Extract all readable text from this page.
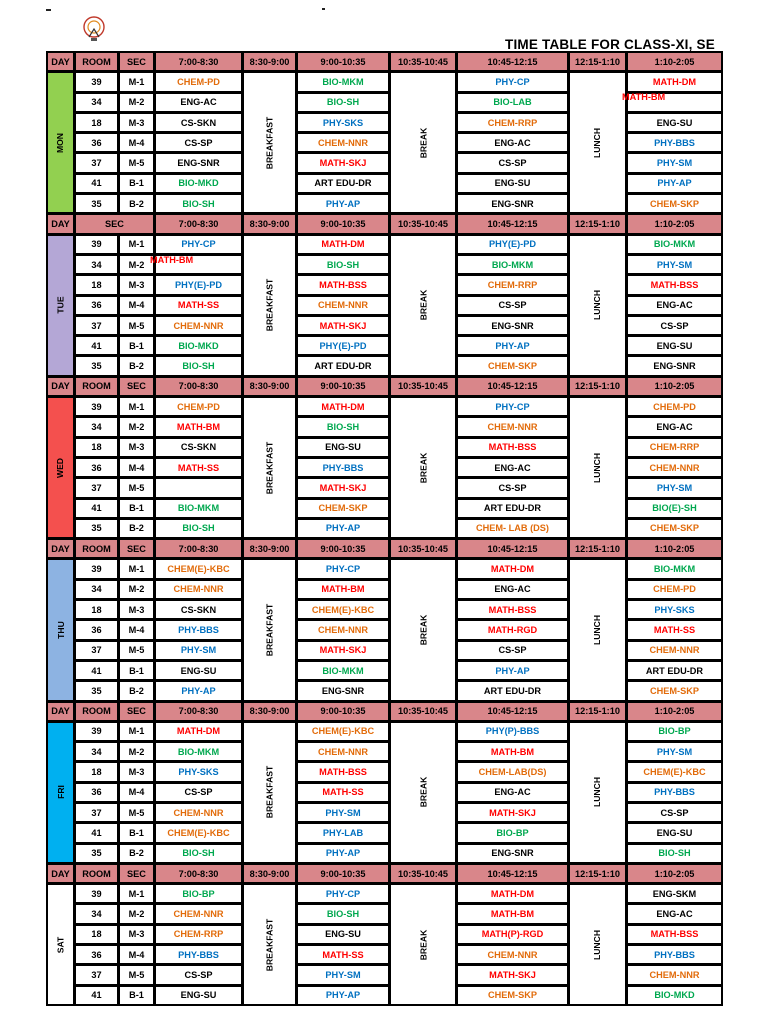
TIME TABLE FOR CLASS-XI, SE
DAY	ROOM	SEC	7:00-8:30	8:30-9:00	9:00-10:35	10:35-10:45	10:45-12:15	12:15-1:10	1:10-2:05
MON	39	M-1	CHEM-PD	BREAKFAST	BIO-MKM	BREAK	PHY-CP	LUNCH	MATH-DM
	34	M-2	ENG-AC		BIO-SH		BIO-LAB		MATH-BM

	18	M-3	CS-SKN		PHY-SKS		CHEM-RRP		ENG-SU
	36	M-4	CS-SP		CHEM-NNR		ENG-AC		PHY-BBS
	37	M-5	ENG-SNR		MATH-SKJ		CS-SP		PHY-SM
	41	B-1	BIO-MKD		ART EDU-DR		ENG-SU		PHY-AP
	35	B-2	BIO-SH		PHY-AP		ENG-SNR		CHEM-SKP
DAY	SEC		7:00-8:30	8:30-9:00	9:00-10:35	10:35-10:45	10:45-12:15	12:15-1:10	1:10-2:05
TUE	39	M-1	PHY-CP	BREAKFAST	MATH-DM	BREAK	PHY(E)-PD	LUNCH	BIO-MKM
	34	M-2	MATH-BM		BIO-SH		BIO-MKM		PHY-SM
	18	M-3	PHY(E)-PD		MATH-BSS		CHEM-RRP		MATH-BSS
	36	M-4	MATH-SS		CHEM-NNR		CS-SP		ENG-AC
	37	M-5	CHEM-NNR		MATH-SKJ		ENG-SNR		CS-SP
	41	B-1	BIO-MKD		PHY(E)-PD		PHY-AP		ENG-SU
	35	B-2	BIO-SH		ART EDU-DR		CHEM-SKP		ENG-SNR
DAY	ROOM	SEC	7:00-8:30	8:30-9:00	9:00-10:35	10:35-10:45	10:45-12:15	12:15-1:10	1:10-2:05
WED	39	M-1	CHEM-PD	BREAKFAST	MATH-DM	BREAK	PHY-CP	LUNCH	CHEM-PD
	34	M-2	MATH-BM		BIO-SH		CHEM-NNR		ENG-AC
	18	M-3	CS-SKN		ENG-SU		MATH-BSS		CHEM-RRP
	36	M-4	MATH-SS		PHY-BBS		ENG-AC		CHEM-NNR
	37	M-5			MATH-SKJ		CS-SP		PHY-SM
	41	B-1	BIO-MKM		CHEM-SKP		ART EDU-DR		BIO(E)-SH
	35	B-2	BIO-SH		PHY-AP		CHEM- LAB (DS)		CHEM-SKP
DAY	ROOM	SEC	7:00-8:30	8:30-9:00	9:00-10:35	10:35-10:45	10:45-12:15	12:15-1:10	1:10-2:05
THU	39	M-1	CHEM(E)-KBC	BREAKFAST	PHY-CP	BREAK	MATH-DM	LUNCH	BIO-MKM
	34	M-2	CHEM-NNR		MATH-BM		ENG-AC		CHEM-PD
	18	M-3	CS-SKN		CHEM(E)-KBC		MATH-BSS		PHY-SKS
	36	M-4	PHY-BBS		CHEM-NNR		MATH-RGD		MATH-SS
	37	M-5	PHY-SM		MATH-SKJ		CS-SP		CHEM-NNR
	41	B-1	ENG-SU		BIO-MKM		PHY-AP		ART EDU-DR
	35	B-2	PHY-AP		ENG-SNR		ART EDU-DR		CHEM-SKP
DAY	ROOM	SEC	7:00-8:30	8:30-9:00	9:00-10:35	10:35-10:45	10:45-12:15	12:15-1:10	1:10-2:05
FRI	39	M-1	MATH-DM	BREAKFAST	CHEM(E)-KBC	BREAK	PHY(P)-BBS	LUNCH	BIO-BP
	34	M-2	BIO-MKM		CHEM-NNR		MATH-BM		PHY-SM
	18	M-3	PHY-SKS		MATH-BSS		CHEM-LAB(DS)		CHEM(E)-KBC
	36	M-4	CS-SP		MATH-SS		ENG-AC		PHY-BBS
	37	M-5	CHEM-NNR		PHY-SM		MATH-SKJ		CS-SP
	41	B-1	CHEM(E)-KBC		PHY-LAB		BIO-BP		ENG-SU
	35	B-2	BIO-SH		PHY-AP		ENG-SNR		BIO-SH
DAY	ROOM	SEC	7:00-8:30	8:30-9:00	9:00-10:35	10:35-10:45	10:45-12:15	12:15-1:10	1:10-2:05
SAT	39	M-1	BIO-BP	BREAKFAST	PHY-CP	BREAK	MATH-DM	LUNCH	ENG-SKM
	34	M-2	CHEM-NNR		BIO-SH		MATH-BM		ENG-AC
	18	M-3	CHEM-RRP		ENG-SU		MATH(P)-RGD		MATH-BSS
	36	M-4	PHY-BBS		MATH-SS		CHEM-NNR		PHY-BBS
	37	M-5	CS-SP		PHY-SM		MATH-SKJ		CHEM-NNR
	41	B-1	ENG-SU		PHY-AP		CHEM-SKP		BIO-MKD
